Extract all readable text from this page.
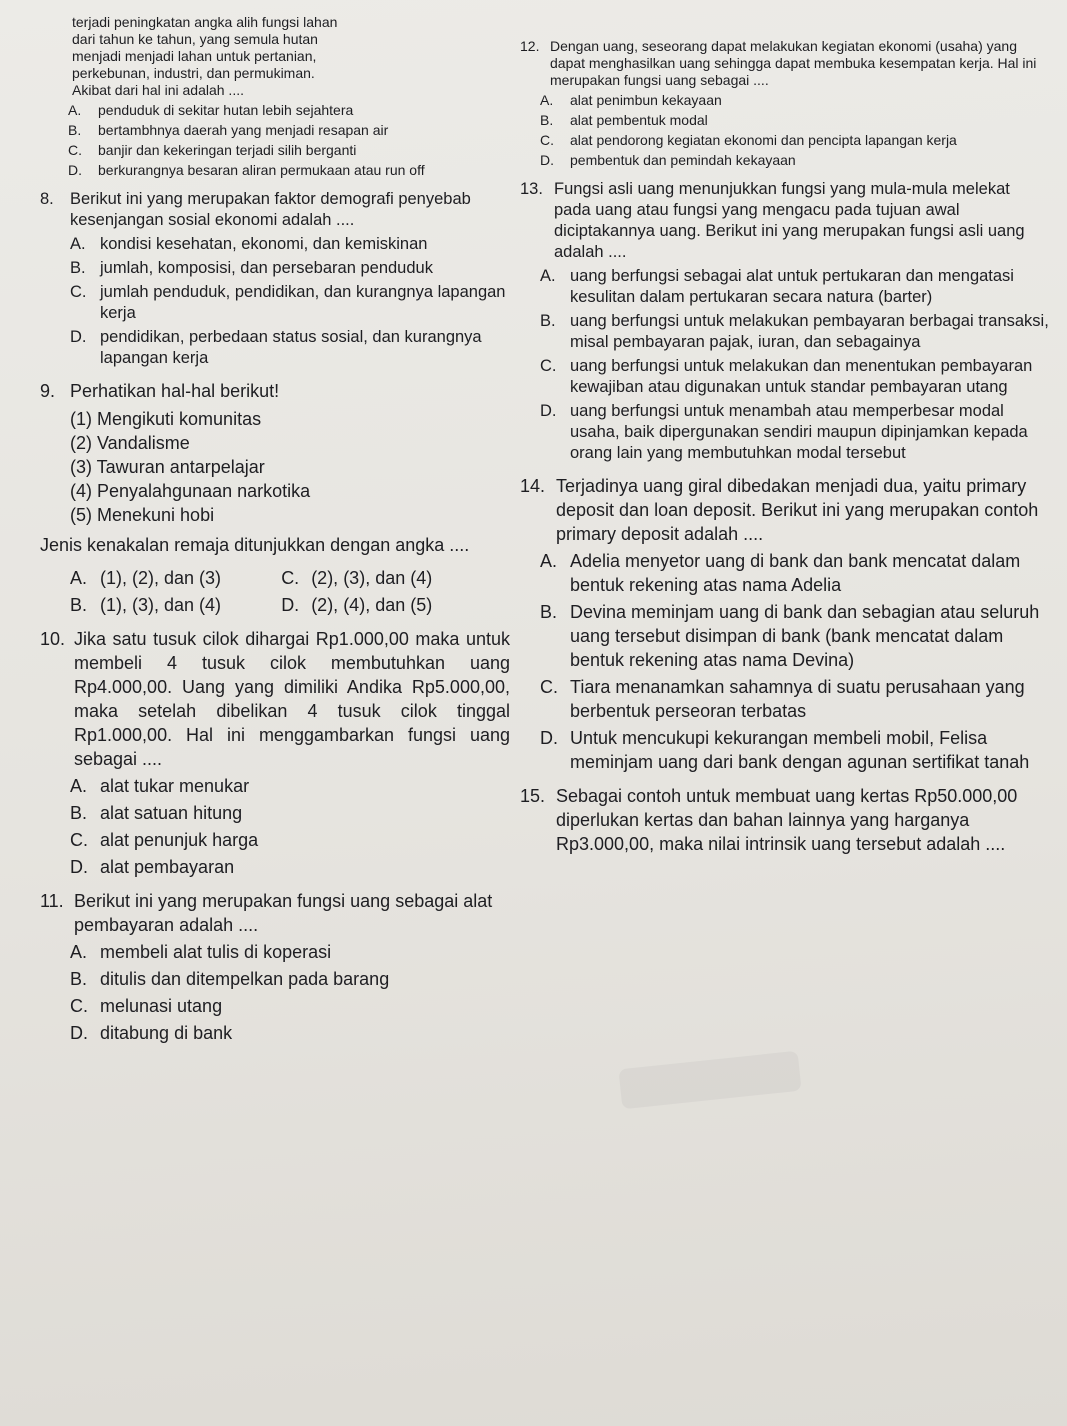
terjadi peningkatan angka alih fungsi lahan
dari tahun ke tahun, yang semula hutan
menjadi menjadi lahan untuk pertanian,
perkebunan, industri, dan permukiman.
Akibat dari hal ini adalah ....
A.	penduduk di sekitar hutan lebih sejahtera
B.	bertambhnya daerah yang menjadi resapan air
C.	banjir dan kekeringan terjadi silih berganti
D.	berkurangnya besaran aliran permukaan atau run off
8. Berikut ini yang merupakan faktor demografi penyebab kesenjangan sosial ekonomi adalah ....
A. kondisi kesehatan, ekonomi, dan kemiskinan
B. jumlah, komposisi, dan persebaran penduduk
C. jumlah penduduk, pendidikan, dan kurangnya lapangan kerja
D. pendidikan, perbedaan status sosial, dan kurangnya lapangan kerja
9. Perhatikan hal-hal berikut!
(1) Mengikuti komunitas
(2) Vandalisme
(3) Tawuran antarpelajar
(4) Penyalahgunaan narkotika
(5) Menekuni hobi
Jenis kenakalan remaja ditunjukkan dengan angka ....
A. (1), (2), dan (3)	C. (2), (3), dan (4)
B. (1), (3), dan (4)	D. (2), (4), dan (5)
10. Jika satu tusuk cilok dihargai Rp1.000,00 maka untuk membeli 4 tusuk cilok membutuhkan uang Rp4.000,00. Uang yang dimiliki Andika Rp5.000,00, maka setelah dibelikan 4 tusuk cilok tinggal Rp1.000,00. Hal ini menggambarkan fungsi uang sebagai ....
A. alat tukar menukar
B. alat satuan hitung
C. alat penunjuk harga
D. alat pembayaran
11. Berikut ini yang merupakan fungsi uang sebagai alat pembayaran adalah ....
A. membeli alat tulis di koperasi
B. ditulis dan ditempelkan pada barang
C. melunasi utang
D. ditabung di bank
12. Dengan uang, seseorang dapat melakukan kegiatan ekonomi (usaha) yang dapat menghasilkan uang sehingga dapat membuka kesempatan kerja. Hal ini merupakan fungsi uang sebagai ....
A.	alat penimbun kekayaan
B.	alat pembentuk modal
C.	alat pendorong kegiatan ekonomi dan pencipta lapangan kerja
D.	pembentuk dan pemindah kekayaan
13. Fungsi asli uang menunjukkan fungsi yang mula-mula melekat pada uang atau fungsi yang mengacu pada tujuan awal diciptakannya uang. Berikut ini yang merupakan fungsi asli uang adalah ....
A. uang berfungsi sebagai alat untuk pertukaran dan mengatasi kesulitan dalam pertukaran secara natura (barter)
B. uang berfungsi untuk melakukan pembayaran berbagai transaksi, misal pembayaran pajak, iuran, dan sebagainya
C. uang berfungsi untuk melakukan dan menentukan pembayaran kewajiban atau digunakan untuk standar pembayaran utang
D. uang berfungsi untuk menambah atau memperbesar modal usaha, baik dipergunakan sendiri maupun dipinjamkan kepada orang lain yang membutuhkan modal tersebut
14. Terjadinya uang giral dibedakan menjadi dua, yaitu primary deposit dan loan deposit. Berikut ini yang merupakan contoh primary deposit adalah ....
A. Adelia menyetor uang di bank dan bank mencatat dalam bentuk rekening atas nama Adelia
B. Devina meminjam uang di bank dan sebagian atau seluruh uang tersebut disimpan di bank (bank mencatat dalam bentuk rekening atas nama Devina)
C. Tiara menanamkan sahamnya di suatu perusahaan yang berbentuk perseoran terbatas
D. Untuk mencukupi kekurangan membeli mobil, Felisa meminjam uang dari bank dengan agunan sertifikat tanah
15. Sebagai contoh untuk membuat uang kertas Rp50.000,00 diperlukan kertas dan bahan lainnya yang harganya Rp3.000,00, maka nilai intrinsik uang tersebut adalah ....
